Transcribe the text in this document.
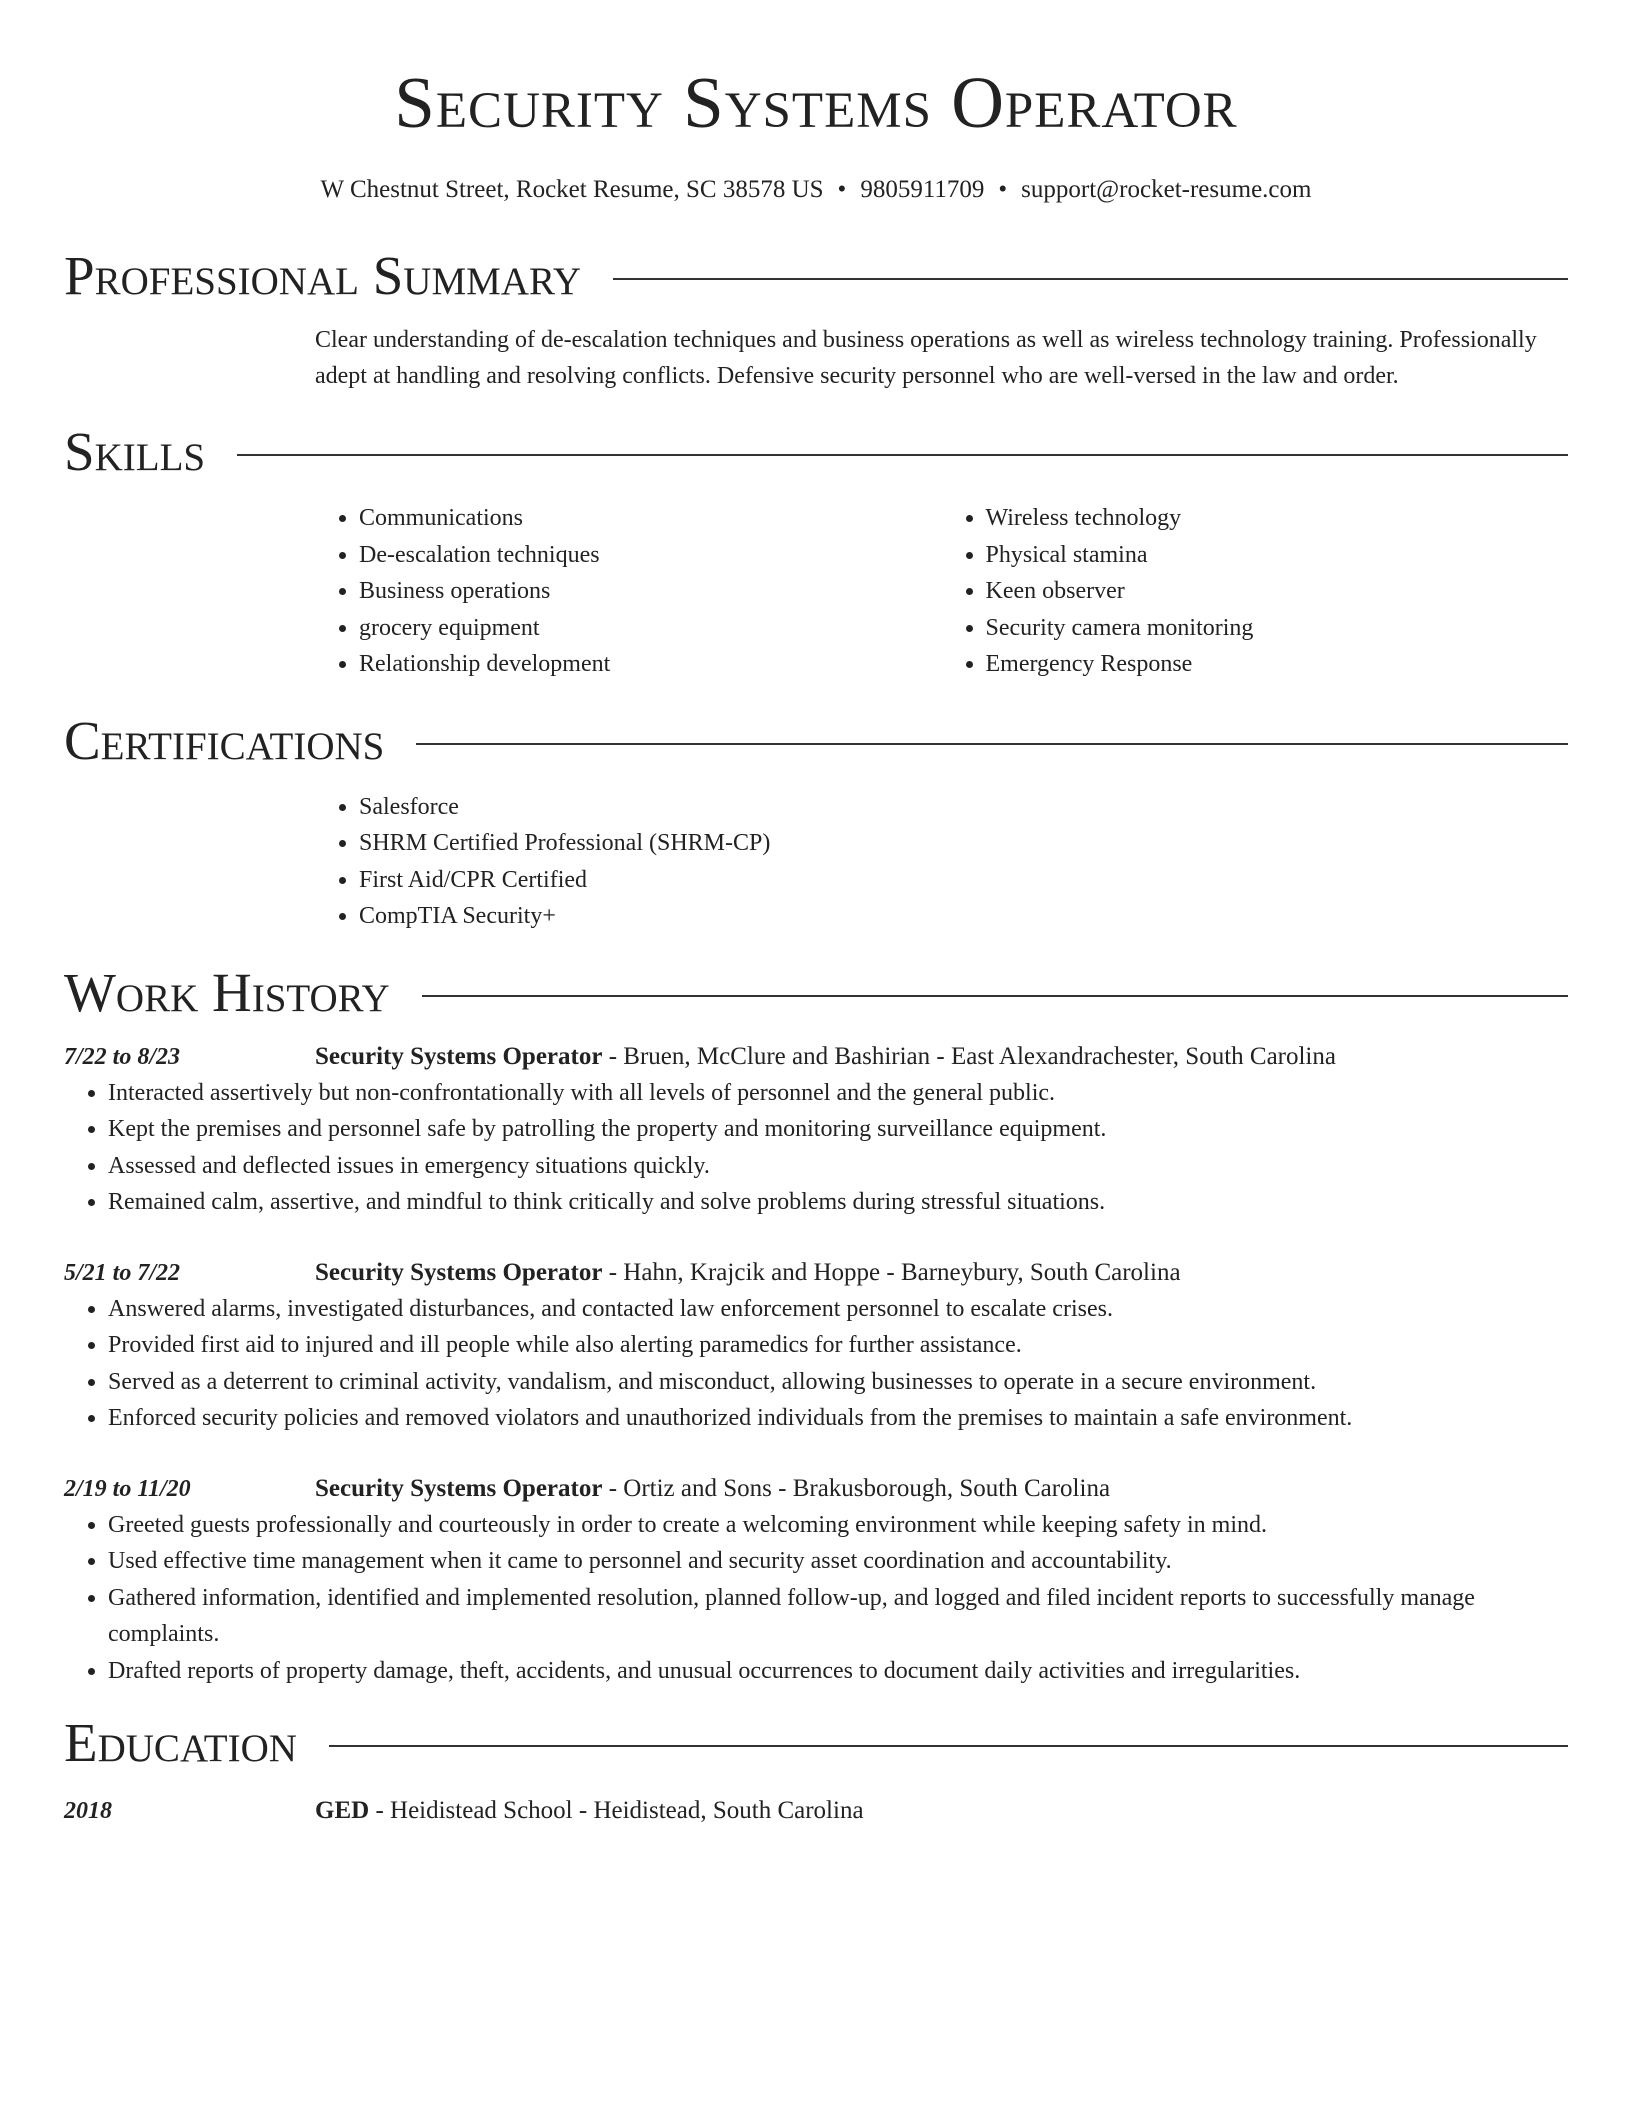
Security Systems Operator
W Chestnut Street, Rocket Resume, SC 38578 US • 9805911709 • support@rocket-resume.com
Professional Summary

Clear understanding of de-escalation techniques and business operations as well as wireless technology training. Professionally adept at handling and resolving conflicts. Defensive security personnel who are well-versed in the law and order.

Skills
• Communications
• De-escalation techniques
• Business operations
• grocery equipment
• Relationship development
• Wireless technology
• Physical stamina
• Keen observer
• Security camera monitoring
• Emergency Response
Certifications
• Salesforce
• SHRM Certified Professional (SHRM-CP)
• First Aid/CPR Certified
• CompTIA Security+
Work History
7/22 to 8/23	Security Systems Operator - Bruen, McClure and Bashirian - East Alexandrachester, South Carolina
• Interacted assertively but non-confrontationally with all levels of personnel and the general public.
• Kept the premises and personnel safe by patrolling the property and monitoring surveillance equipment.
• Assessed and deflected issues in emergency situations quickly.
• Remained calm, assertive, and mindful to think critically and solve problems during stressful situations.
5/21 to 7/22	Security Systems Operator - Hahn, Krajcik and Hoppe - Barneybury, South Carolina
• Answered alarms, investigated disturbances, and contacted law enforcement personnel to escalate crises.
• Provided first aid to injured and ill people while also alerting paramedics for further assistance.
• Served as a deterrent to criminal activity, vandalism, and misconduct, allowing businesses to operate in a secure environment.
• Enforced security policies and removed violators and unauthorized individuals from the premises to maintain a safe environment.
2/19 to 11/20	Security Systems Operator - Ortiz and Sons - Brakusborough, South Carolina
• Greeted guests professionally and courteously in order to create a welcoming environment while keeping safety in mind.
• Used effective time management when it came to personnel and security asset coordination and accountability.
• Gathered information, identified and implemented resolution, planned follow-up, and logged and filed incident reports to successfully manage complaints.
• Drafted reports of property damage, theft, accidents, and unusual occurrences to document daily activities and irregularities.
Education
2018	GED - Heidistead School - Heidistead, South Carolina
